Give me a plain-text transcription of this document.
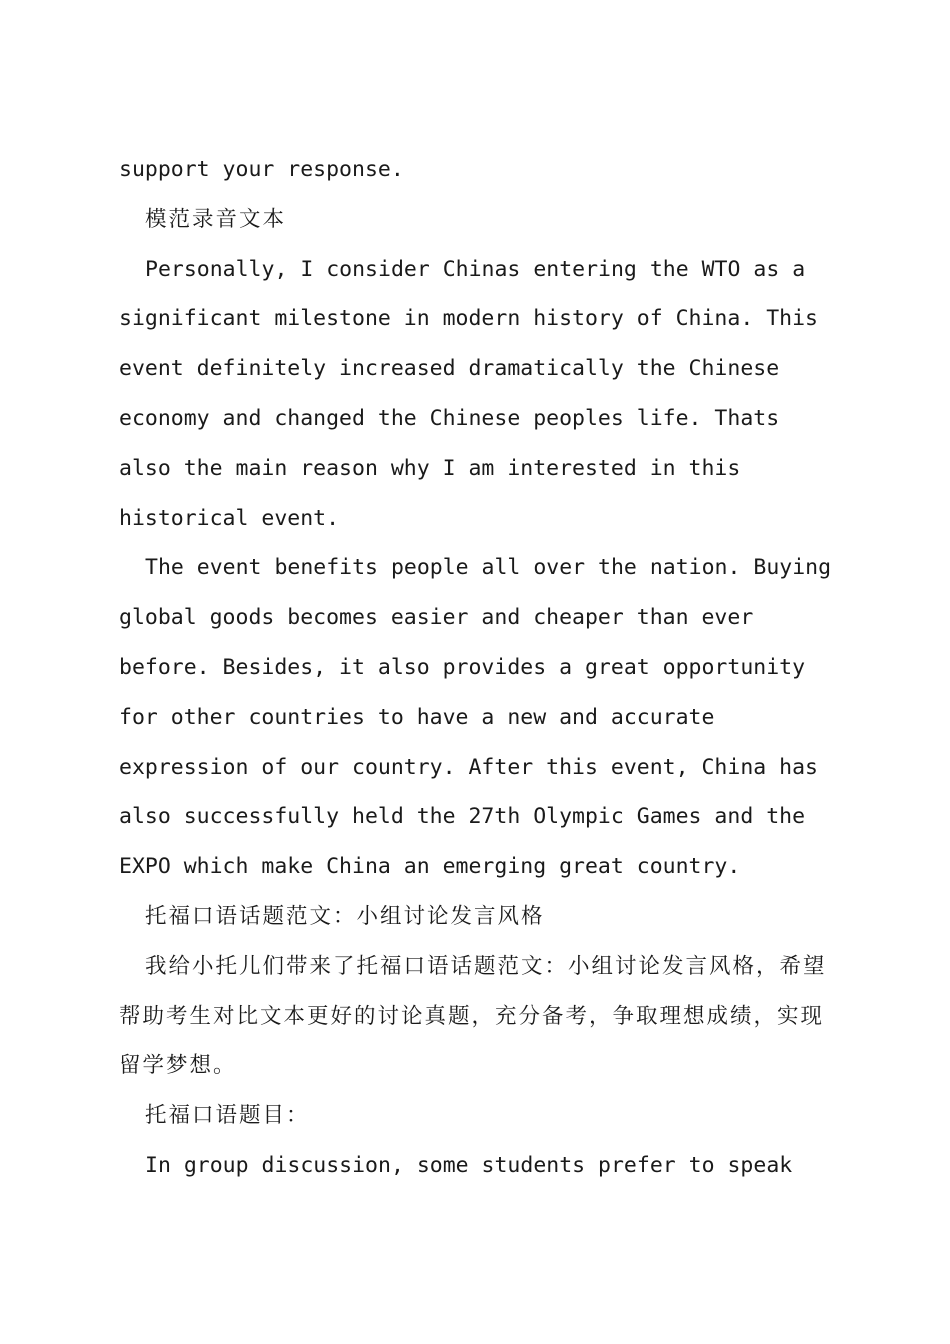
support your response.

模范录音文本

Personally, I consider Chinas entering the WTO as a significant milestone in modern history of China. This event definitely increased dramatically the Chinese economy and changed the Chinese peoples life. Thats also the main reason why I am interested in this historical event.

The event benefits people all over the nation. Buying global goods becomes easier and cheaper than ever before. Besides, it also provides a great opportunity for other countries to have a new and accurate expression of our country. After this event, China has also successfully held the 27th Olympic Games and the EXPO which make China an emerging great country.

托福口语话题范文：小组讨论发言风格

我给小托儿们带来了托福口语话题范文：小组讨论发言风格，希望帮助考生对比文本更好的讨论真题，充分备考，争取理想成绩，实现留学梦想。

托福口语题目：

In group discussion, some students prefer to speak
